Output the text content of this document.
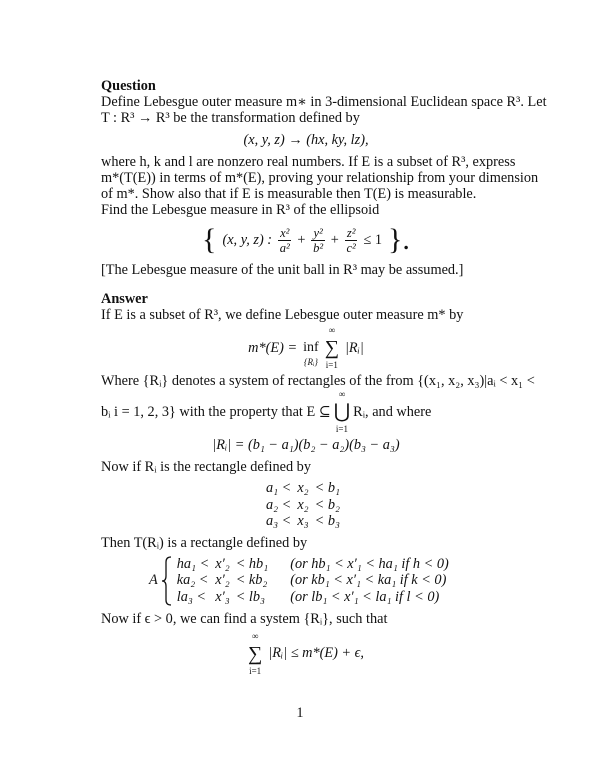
Question
Define Lebesgue outer measure m∗ in 3-dimensional Euclidean space R³. Let
T : R³ → R³ be the transformation defined by
(x, y, z) → (hx, ky, lz),
where h, k and l are nonzero real numbers. If E is a subset of R³, express
m*(T(E)) in terms of m*(E), proving your relationship from your dimension
of m*. Show also that if E is measurable then T(E) is measurable.
Find the Lebesgue measure in R³ of the ellipsoid
{ (x, y, z) : $\frac{\text{x²}}{\text{a²}} + \frac{\text{y²}}{\text{b²}} + \frac{\text{z²}}{\text{c²}} \le 1$ }.
[The Lebesgue measure of the unit ball in R³ may be assumed.]
Answer
If E is a subset of R³, we define Lebesgue outer measure m* by
m*(E) = inf
{Rᵢ}
∞
∑
i=1
|Rᵢ|
Where {Rᵢ} denotes a system of rectangles of the from {(x₁, x₂, x₃)|aᵢ < x₁ <
bᵢ i = 1, 2, 3} with the property that E ⊆
∞
⋃
i=1
Rᵢ, and where
|Rᵢ| = (b₁ − a₁)(b₂ − a₂)(b₃ − a₃)
Now if Rᵢ is the rectangle defined by
a₁ <	x₂	< b₁
a₂ <	x₂	< b₂
a₃ <	x₃	< b₃
Then T(Rᵢ) is a rectangle defined by
A
ha₁ <	x′₂	< hb₁	(or hb₁ < x′₁ < ha₁ if h < 0)
ka₂ <	x′₂	< kb₂	(or kb₁ < x′₁ < ka₁ if k < 0)
la₃ <	x′₃	< lb₃	(or lb₁ < x′₁ < la₁ if l < 0)
Now if ϵ > 0, we can find a system {Rᵢ}, such that
∞
∑
i=1
|Rᵢ| ≤ m*(E) + ϵ,
1
